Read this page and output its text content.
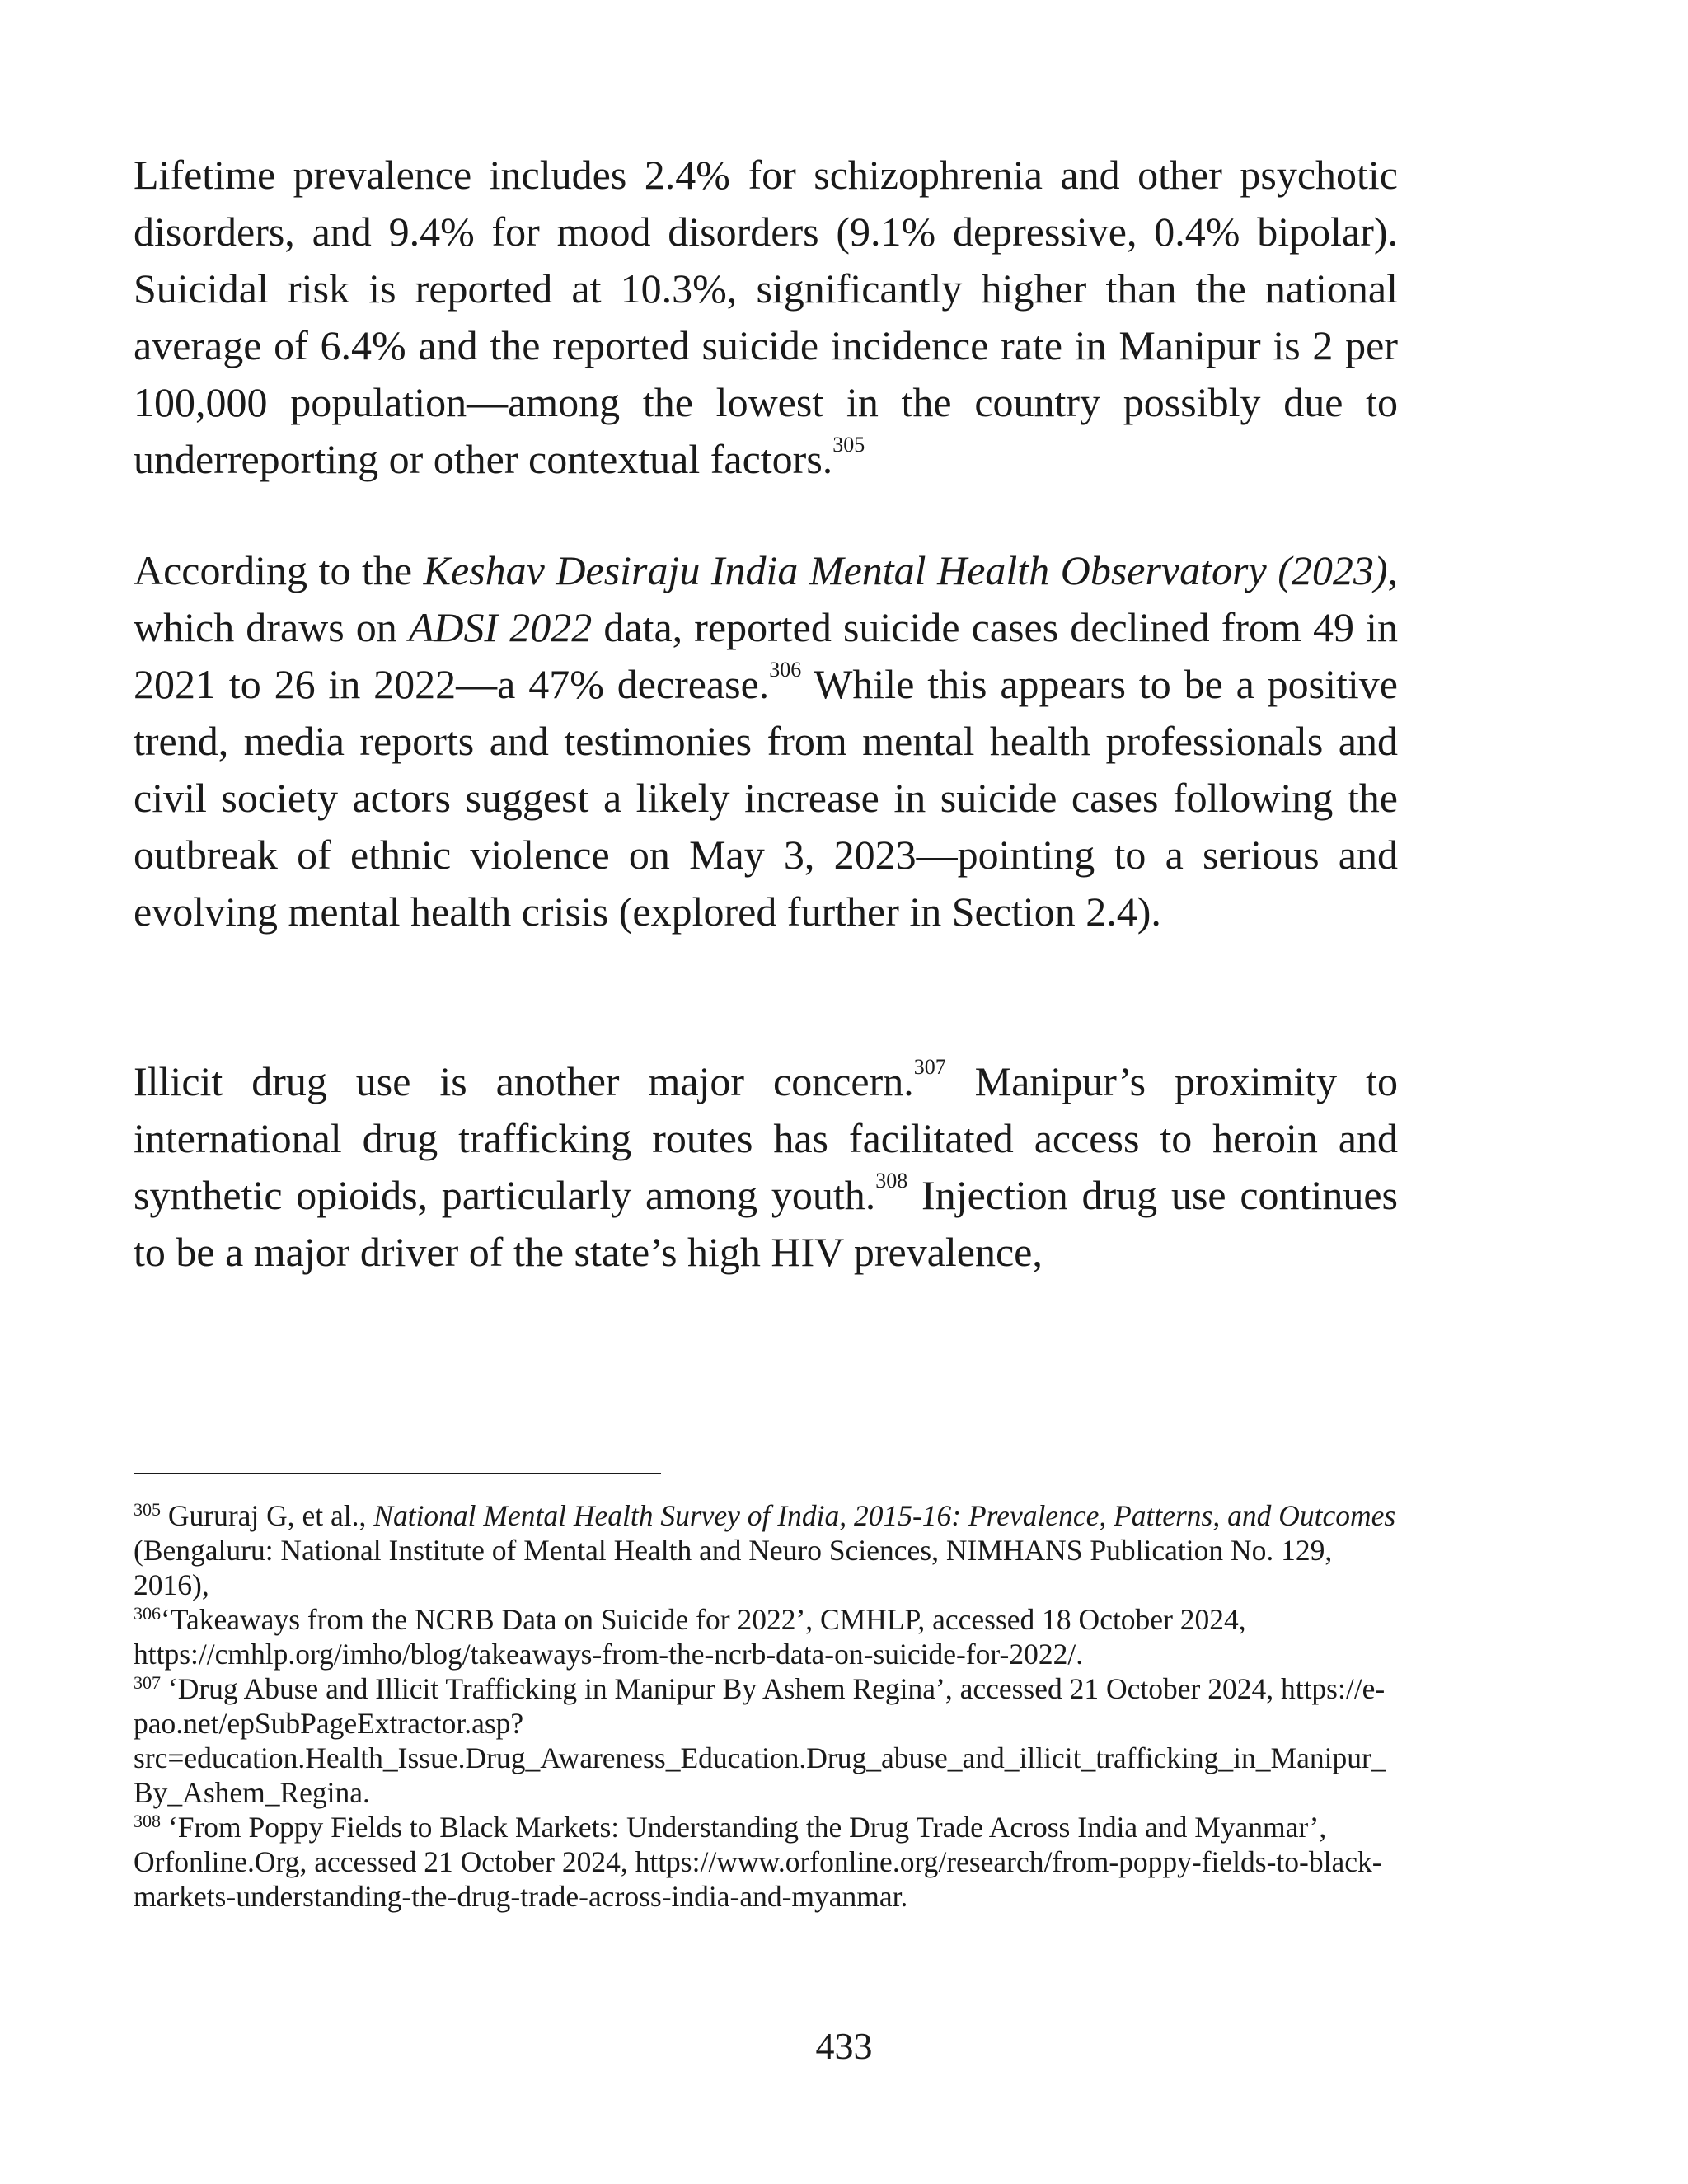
Lifetime prevalence includes 2.4% for schizophrenia and other psychotic disorders, and 9.4% for mood disorders (9.1% depressive, 0.4% bipolar). Suicidal risk is reported at 10.3%, significantly higher than the national average of 6.4% and the reported suicide incidence rate in Manipur is 2 per 100,000 population—among the lowest in the country possibly due to underreporting or other contextual factors.$^{305}$

According to the Keshav Desiraju India Mental Health Observatory (2023), which draws on ADSI 2022 data, reported suicide cases declined from 49 in 2021 to 26 in 2022—a 47% decrease.$^{306}$ While this appears to be a positive trend, media reports and testimonies from mental health professionals and civil society actors suggest a likely increase in suicide cases following the outbreak of ethnic violence on May 3, 2023—pointing to a serious and evolving mental health crisis (explored further in Section 2.4).

Illicit drug use is another major concern.$^{307}$ Manipur’s proximity to international drug trafficking routes has facilitated access to heroin and synthetic opioids, particularly among youth.$^{308}$ Injection drug use continues to be a major driver of the state’s high HIV prevalence,

$^{305}$ Gururaj G, et al., National Mental Health Survey of India, 2015-16: Prevalence, Patterns, and Outcomes (Bengaluru: National Institute of Mental Health and Neuro Sciences, NIMHANS Publication No. 129, 2016),

$^{306}$‘Takeaways from the NCRB Data on Suicide for 2022’, CMHLP, accessed 18 October 2024, https://cmhlp.org/imho/blog/takeaways-from-the-ncrb-data-on-suicide-for-2022/.

$^{307}$ ‘Drug Abuse and Illicit Trafficking in Manipur By Ashem Regina’, accessed 21 October 2024, https://e-pao.net/epSubPageExtractor.asp?src=education.Health_Issue.Drug_Awareness_Education.Drug_abuse_and_illicit_trafficking_in_Manipur_By_Ashem_Regina.

$^{308}$ ‘From Poppy Fields to Black Markets: Understanding the Drug Trade Across India and Myanmar’, Orfonline.Org, accessed 21 October 2024, https://www.orfonline.org/research/from-poppy-fields-to-black-markets-understanding-the-drug-trade-across-india-and-myanmar.

433
